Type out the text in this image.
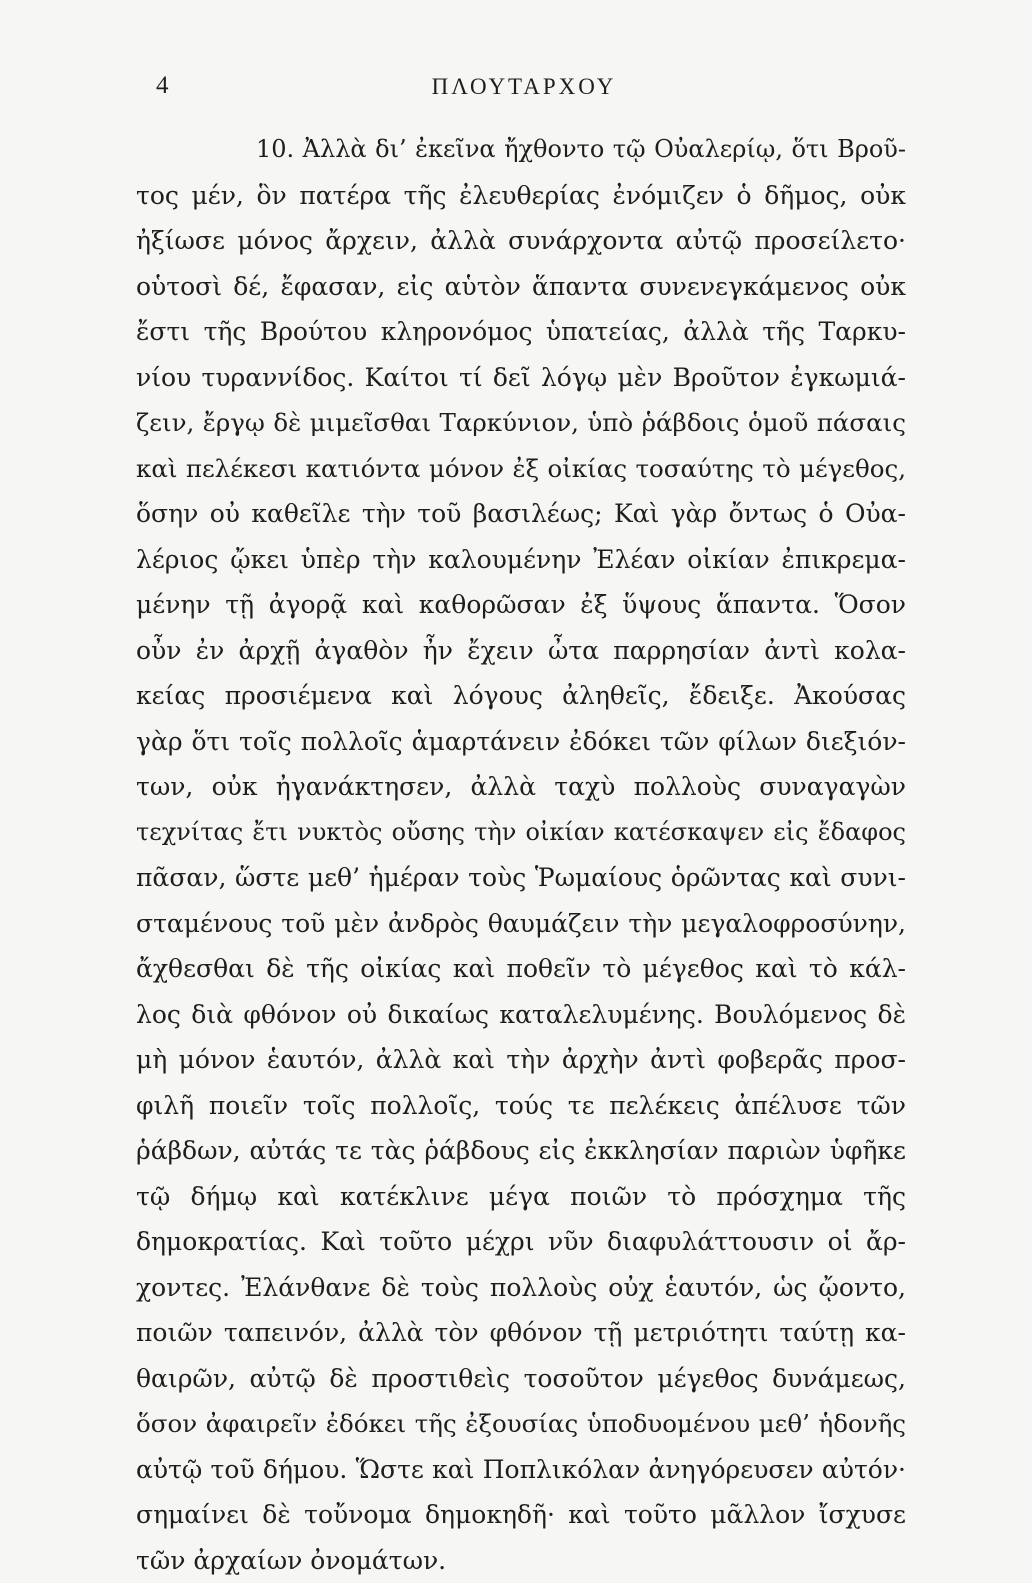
4	ΠΛΟΥΤΑΡΧΟΥ
10. Ἀλλὰ δι’ ἐκεῖνα ἤχθοντο τῷ Οὐαλερίῳ, ὅτι Βροῦ-
τος μέν, ὃν πατέρα τῆς ἐλευθερίας ἐνόμιζεν ὁ δῆμος, οὐκ
ἠξίωσε μόνος ἄρχειν, ἀλλὰ συνάρχοντα αὐτῷ προσείλετο·
οὑτοσὶ δέ, ἔφασαν, εἰς αὑτὸν ἅπαντα συνενεγκάμενος οὐκ
ἔστι τῆς Βρούτου κληρονόμος ὑπατείας, ἀλλὰ τῆς Ταρκυ-
νίου τυραννίδος. Καίτοι τί δεῖ λόγῳ μὲν Βροῦτον ἐγκωμιά-
ζειν, ἔργῳ δὲ μιμεῖσθαι Ταρκύνιον, ὑπὸ ῥάβδοις ὁμοῦ πάσαις
καὶ πελέκεσι κατιόντα μόνον ἐξ οἰκίας τοσαύτης τὸ μέγεθος,
ὅσην οὐ καθεῖλε τὴν τοῦ βασιλέως; Καὶ γὰρ ὄντως ὁ Οὐα-
λέριος ᾤκει ὑπὲρ τὴν καλουμένην Ἐλέαν οἰκίαν ἐπικρεμα-
μένην τῇ ἀγορᾷ καὶ καθορῶσαν ἐξ ὕψους ἅπαντα. Ὅσον
οὖν ἐν ἀρχῇ ἀγαθὸν ἦν ἔχειν ὦτα παρρησίαν ἀντὶ κολα-
κείας προσιέμενα καὶ λόγους ἀληθεῖς, ἔδειξε. Ἀκούσας
γὰρ ὅτι τοῖς πολλοῖς ἁμαρτάνειν ἐδόκει τῶν φίλων διεξιόν-
των, οὐκ ἠγανάκτησεν, ἀλλὰ ταχὺ πολλοὺς συναγαγὼν
τεχνίτας ἔτι νυκτὸς οὔσης τὴν οἰκίαν κατέσκαψεν εἰς ἔδαφος
πᾶσαν, ὥστε μεθ’ ἡμέραν τοὺς Ῥωμαίους ὁρῶντας καὶ συνι-
σταμένους τοῦ μὲν ἀνδρὸς θαυμάζειν τὴν μεγαλοφροσύνην,
ἄχθεσθαι δὲ τῆς οἰκίας καὶ ποθεῖν τὸ μέγεθος καὶ τὸ κάλ-
λος διὰ φθόνον οὐ δικαίως καταλελυμένης. Βουλόμενος δὲ
μὴ μόνον ἑαυτόν, ἀλλὰ καὶ τὴν ἀρχὴν ἀντὶ φοβερᾶς προσ-
φιλῆ ποιεῖν τοῖς πολλοῖς, τούς τε πελέκεις ἀπέλυσε τῶν
ῥάβδων, αὐτάς τε τὰς ῥάβδους εἰς ἐκκλησίαν παριὼν ὑφῆκε
τῷ δήμῳ καὶ κατέκλινε μέγα ποιῶν τὸ πρόσχημα τῆς
δημοκρατίας. Καὶ τοῦτο μέχρι νῦν διαφυλάττουσιν οἱ ἄρ-
χοντες. Ἐλάνθανε δὲ τοὺς πολλοὺς οὐχ ἑαυτόν, ὡς ᾤοντο,
ποιῶν ταπεινόν, ἀλλὰ τὸν φθόνον τῇ μετριότητι ταύτῃ κα-
θαιρῶν, αὐτῷ δὲ προστιθεὶς τοσοῦτον μέγεθος δυνάμεως,
ὅσον ἀφαιρεῖν ἐδόκει τῆς ἐξουσίας ὑποδυομένου μεθ’ ἡδονῆς
αὐτῷ τοῦ δήμου. Ὥστε καὶ Ποπλικόλαν ἀνηγόρευσεν αὐτόν·
σημαίνει δὲ τοὔνομα δημοκηδῆ· καὶ τοῦτο μᾶλλον ἴσχυσε
τῶν ἀρχαίων ὀνομάτων.
